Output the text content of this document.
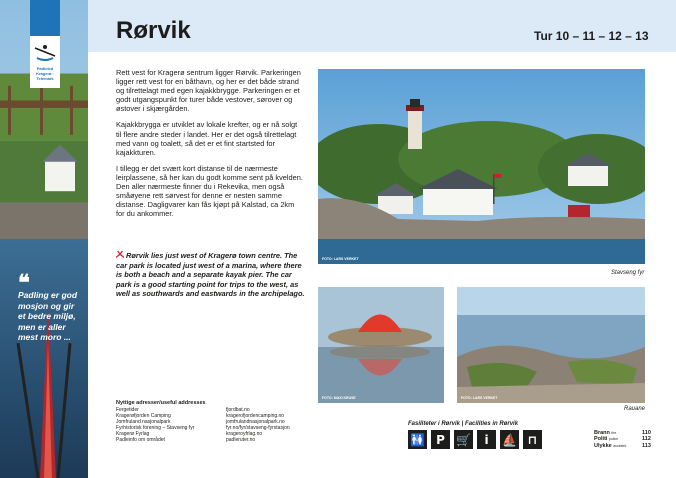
Padleled Kragerø · Telemark
❝
Padling er god mosjon og gir et bedre miljø, men er aller mest moro ...
Rørvik	Tur 10 – 11 – 12 – 13

Rett vest for Kragerø sentrum ligger Rørvik. Parkeringen ligger rett vest for en båthavn, og her er det både strand og tilrettelagt med egen kajakkbrygge. Parkeringen er et godt utgangspunkt for turer både vestover, sørover og østover i skjærgården.

Kajakkbrygga er utviklet av lokale krefter, og er nå solgt til flere andre steder i landet. Her er det også tilrettelagt med vann og toalett, så det er et fint startsted for kajakkturen.

I tillegg er det svært kort distanse til de nærmeste leirplassene, så her kan du godt komme sent på kvelden. Den aller nærmeste finner du i Rekevika, men også småøyene rett sørvest for denne er nesten samme distanse. Dagligvarer kan fås kjøpt på Kalstad, ca 2km for du ankommer.

Rørvik lies just west of Kragerø town centre. The car park is located just west of a marina, where there is both a beach and a separate kayak pier. The car park is a good starting point for trips to the west, as well as southwards and eastwards in the archipelago.
Nyttige adresser/useful addresses
Fergetider	fjordbat.no
Kragerøfjorden Camping	kragerofjordencamping.no
Jomfruland nasjonalpark	jomfrulandnasjonalpark.no
Fyrhistorisk forening – Stavseng fyr	fyr.no/fyr/stavseng-fyrstasjon
Kragerø Fyrlag	krageroyfrlag.no
Padleinfo om området	padleruter.no
FOTO: LARS VERKET
Stavseng fyr
FOTO: MAXI KRUSE	FOTO: LARS VERKET
Rauane
Fasiliteter i Rørvik | Facilities in Rørvik
🚻 P 🛒	i	⛵ ⊓	Brann fire	110
Politi police	112
Ulykke accident	113
